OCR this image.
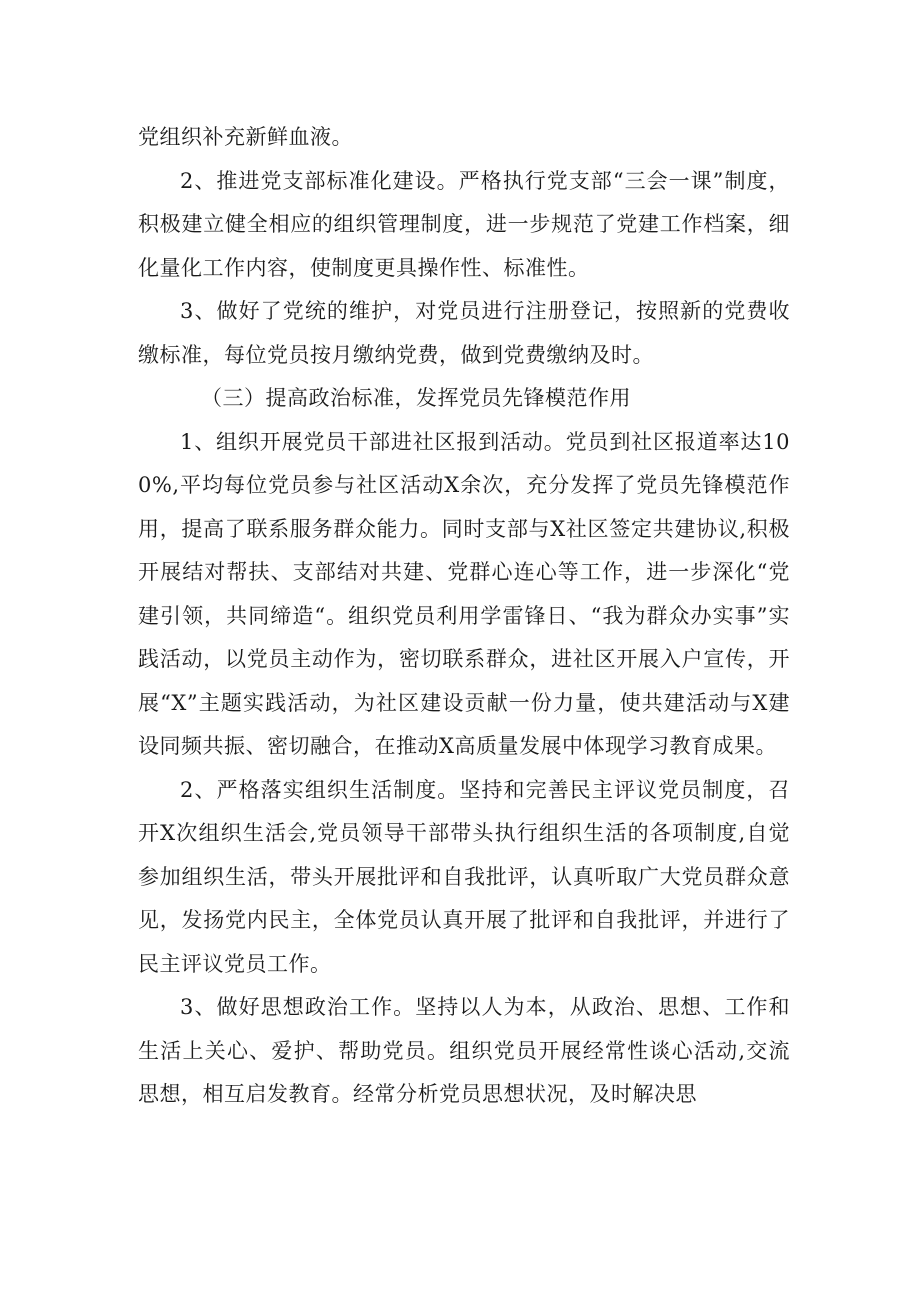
党组织补充新鲜血液。

2、推进党支部标准化建设。严格执行党支部“三会一课”制度，积极建立健全相应的组织管理制度，进一步规范了党建工作档案，细化量化工作内容，使制度更具操作性、标准性。

3、做好了党统的维护，对党员进行注册登记，按照新的党费收缴标准，每位党员按月缴纳党费，做到党费缴纳及时。

（三）提高政治标准，发挥党员先锋模范作用

1、组织开展党员干部进社区报到活动。党员到社区报道率达100%,平均每位党员参与社区活动X余次，充分发挥了党员先锋模范作用，提高了联系服务群众能力。同时支部与X社区签定共建协议,积极开展结对帮扶、支部结对共建、党群心连心等工作，进一步深化“党建引领，共同缔造“。组织党员利用学雷锋日、“我为群众办实事”实践活动，以党员主动作为，密切联系群众，进社区开展入户宣传，开展“X”主题实践活动，为社区建设贡献一份力量，使共建活动与X建设同频共振、密切融合，在推动X高质量发展中体现学习教育成果。

2、严格落实组织生活制度。坚持和完善民主评议党员制度，召开X次组织生活会,党员领导干部带头执行组织生活的各项制度,自觉参加组织生活，带头开展批评和自我批评，认真听取广大党员群众意见，发扬党内民主，全体党员认真开展了批评和自我批评，并进行了民主评议党员工作。

3、做好思想政治工作。坚持以人为本，从政治、思想、工作和生活上关心、爱护、帮助党员。组织党员开展经常性谈心活动,交流思想，相互启发教育。经常分析党员思想状况，及时解决思
